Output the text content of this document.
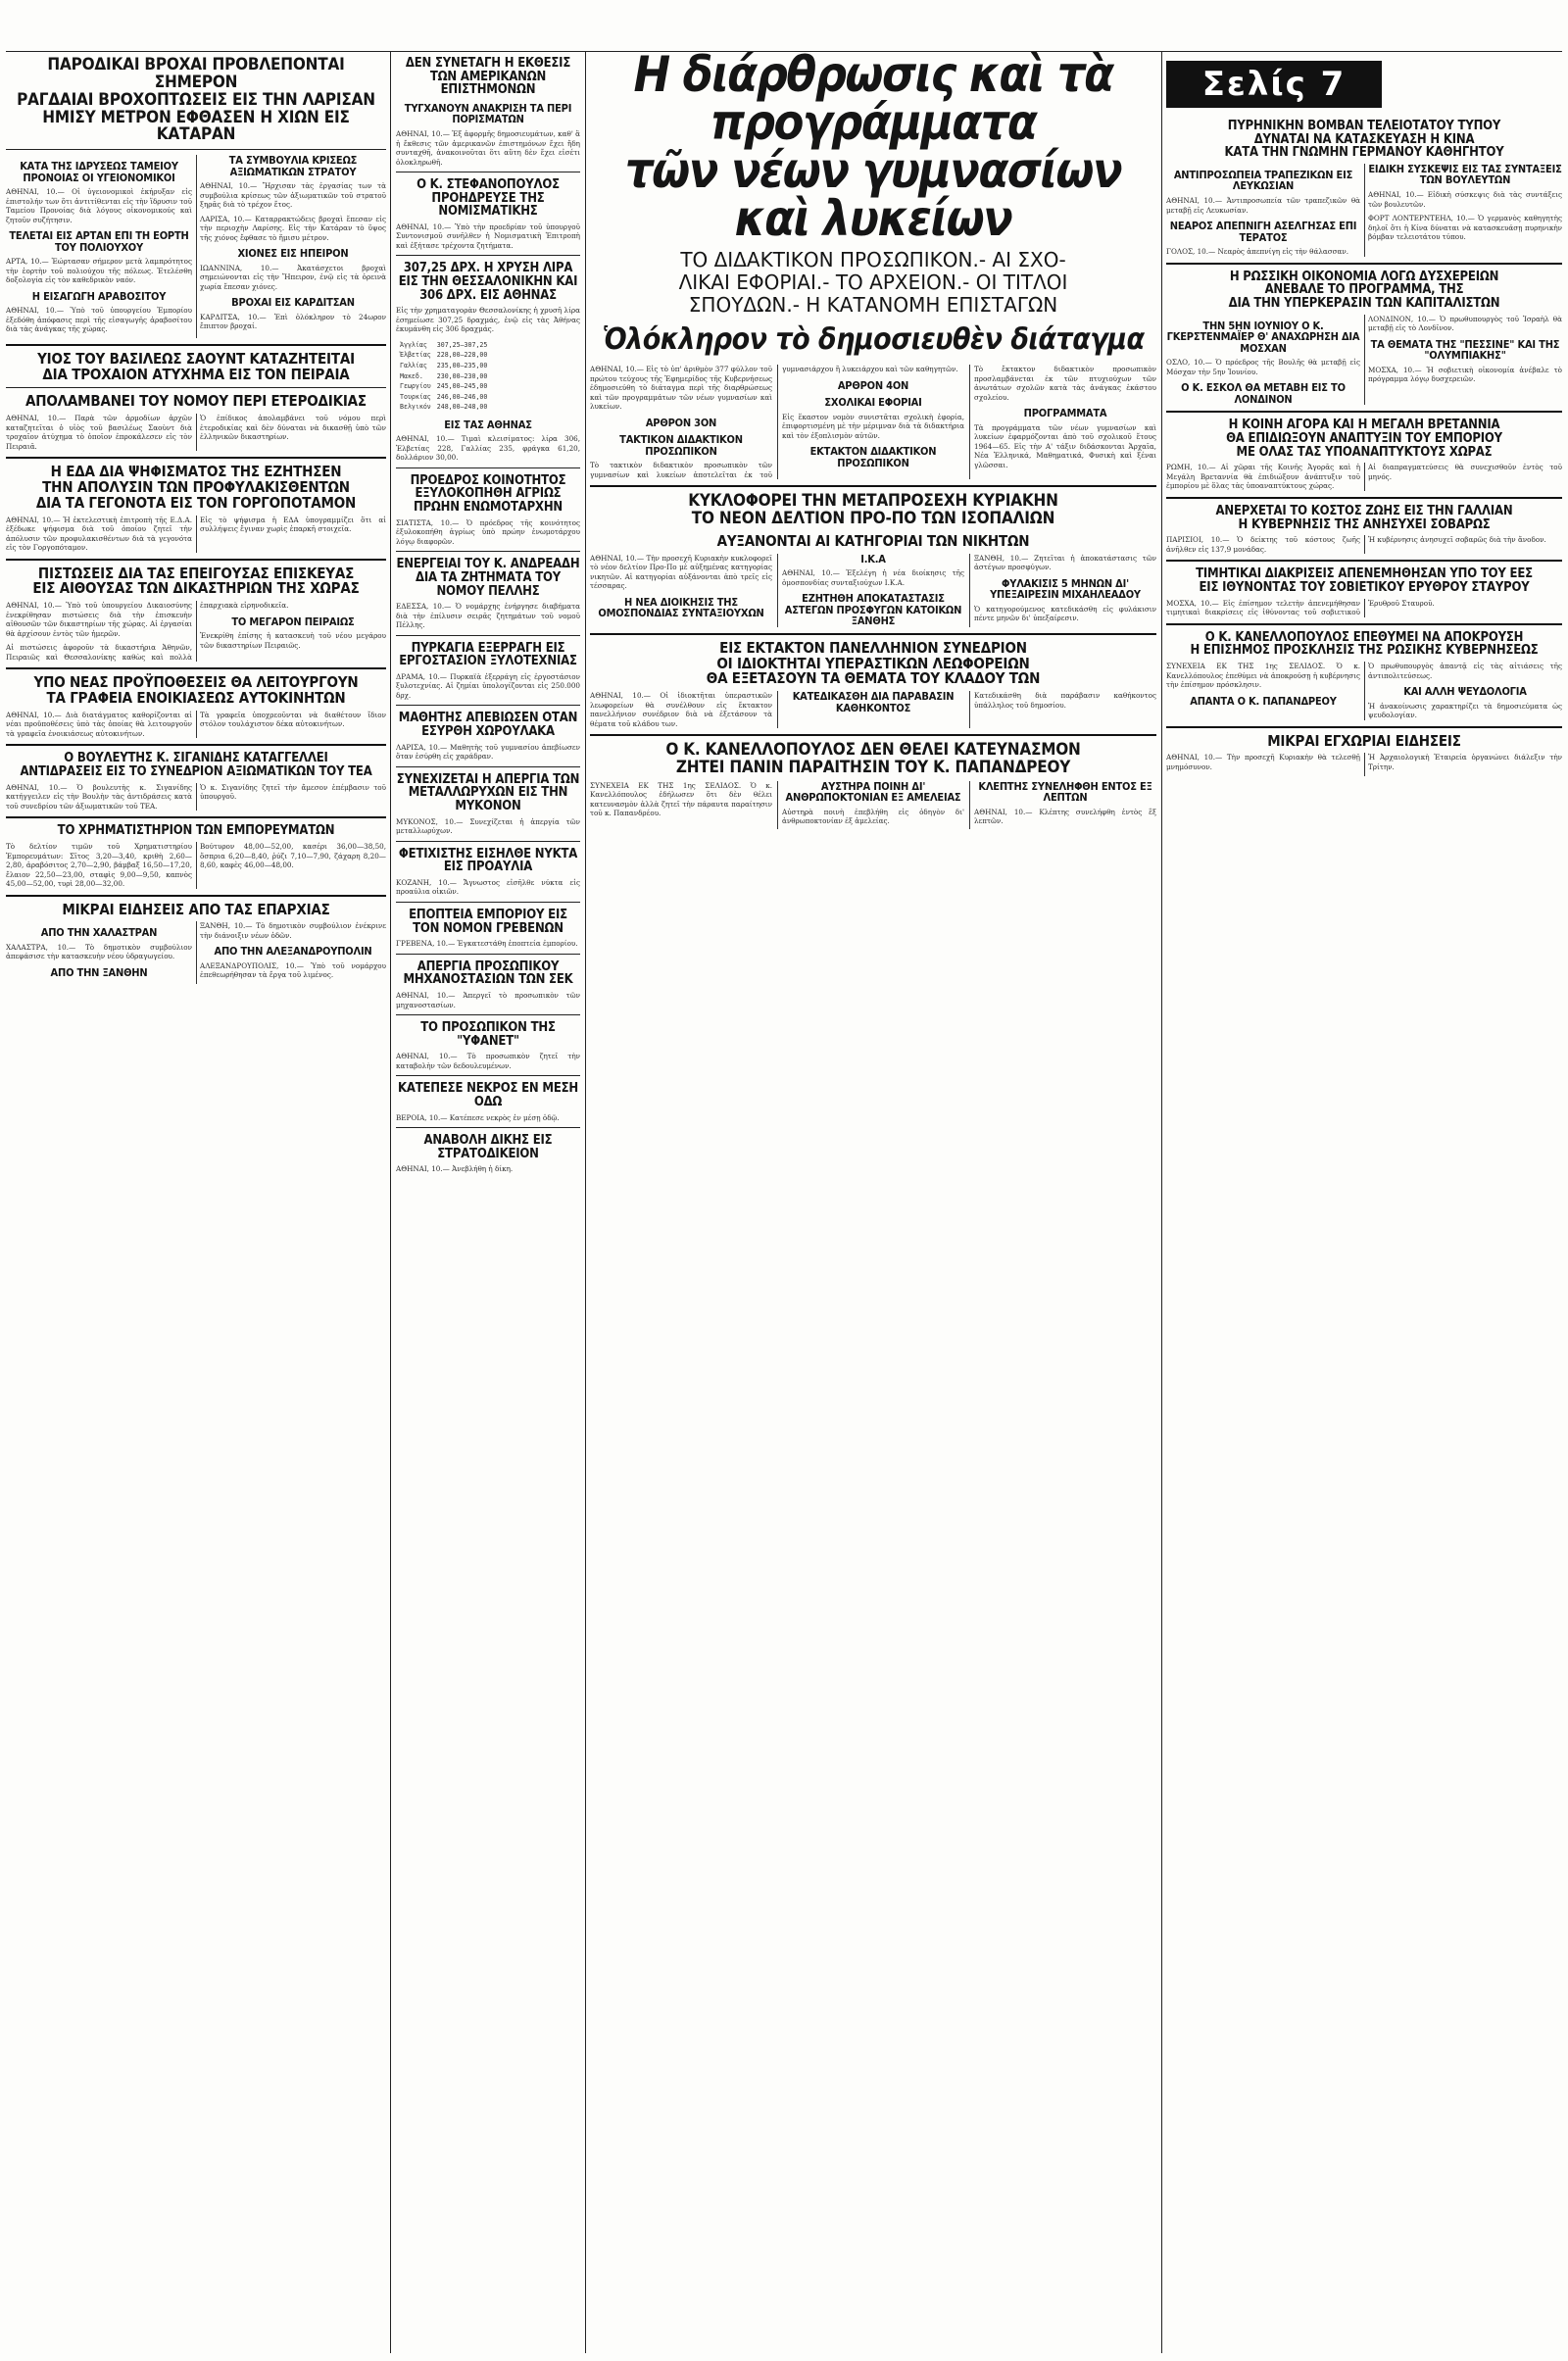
ΠΑΡΟΔΙΚΑΙ ΒΡΟΧΑΙ ΠΡΟΒΛΕΠΟΝΤΑΙ ΣΗΜΕΡΟΝ
ΡΑΓΔΑΙΑΙ ΒΡΟΧΟΠΤΩΣΕΙΣ ΕΙΣ ΤΗΝ ΛΑΡΙΣΑΝ
ΗΜΙΣΥ ΜΕΤΡΟΝ ΕΦΘΑΣΕΝ Η ΧΙΩΝ ΕΙΣ ΚΑΤΑΡΑΝ
ΚΑΤΑ ΤΗΣ ΙΔΡΥΣΕΩΣ ΤΑΜΕΙΟΥ ΠΡΟΝΟΙΑΣ ΟΙ ΥΓΕΙΟΝΟΜΙΚΟΙ

ΑΘΗΝΑΙ, 10.— Οἱ ὑγειονομικοὶ ἐκήρυξαν εἰς ἐπιστολήν των ὅτι ἀντιτίθενται εἰς τὴν ἵδρυσιν τοῦ Ταμείου Προνοίας διὰ λόγους οἰκονομικούς καὶ ζητοῦν συζήτησιν.

ΤΕΛΕΤΑΙ ΕΙΣ ΑΡΤΑΝ ΕΠΙ ΤΗ ΕΟΡΤΗ ΤΟΥ ΠΟΛΙΟΥΧΟΥ

ΑΡΤΑ, 10.— Ἐώρτασαν σήμερον μετὰ λαμπρότητος τὴν ἑορτὴν τοῦ πολιούχου τῆς πόλεως. Ἐτελέσθη δοξολογία εἰς τὸν καθεδρικὸν ναόν.

Η ΕΙΣΑΓΩΓΗ ΑΡΑΒΟΣΙΤΟΥ

ΑΘΗΝΑΙ, 10.— Ὑπὸ τοῦ ὑπουργείου Ἐμπορίου ἐξεδόθη ἀπόφασις περὶ τῆς εἰσαγωγῆς ἀραβοσίτου διὰ τὰς ἀνάγκας τῆς χώρας.

ΤΑ ΣΥΜΒΟΥΛΙΑ ΚΡΙΣΕΩΣ ΑΞΙΩΜΑΤΙΚΩΝ ΣΤΡΑΤΟΥ

ΑΘΗΝΑΙ, 10.— Ἤρχισαν τὰς ἐργασίας των τὰ συμβούλια κρίσεως τῶν ἀξιωματικῶν τοῦ στρατοῦ ξηρᾶς διὰ τὸ τρέχον ἔτος.

ΛΑΡΙΣΑ, 10.— Καταρρακτώδεις βροχαὶ ἔπεσαν εἰς τὴν περιοχὴν Λαρίσης. Εἰς τὴν Κατάραν τὸ ὕψος τῆς χιόνος ἔφθασε τὸ ἥμισυ μέτρον.

ΧΙΟΝΕΣ ΕΙΣ ΗΠΕΙΡΟΝ

ΙΩΑΝΝΙΝΑ, 10.— Ἀκατάσχετοι βροχαὶ σημειώνονται εἰς τὴν Ἤπειρον, ἐνῷ εἰς τὰ ὀρεινὰ χωρία ἔπεσαν χιόνες.

ΒΡΟΧΑΙ ΕΙΣ ΚΑΡΔΙΤΣΑΝ

ΚΑΡΔΙΤΣΑ, 10.— Ἐπὶ ὁλόκληρον τὸ 24ωρον ἔπιπτον βροχαί.

ΥΙΟΣ ΤΟΥ ΒΑΣΙΛΕΩΣ ΣΑΟΥΝΤ ΚΑΤΑΖΗΤΕΙΤΑΙ
ΔΙΑ ΤΡΟΧΑΙΟΝ ΑΤΥΧΗΜΑ ΕΙΣ ΤΟΝ ΠΕΙΡΑΙΑ
ΑΠΟΛΑΜΒΑΝΕΙ ΤΟΥ ΝΟΜΟΥ ΠΕΡΙ ΕΤΕΡΟΔΙΚΙΑΣ

ΑΘΗΝΑΙ, 10.— Παρὰ τῶν ἀρμοδίων ἀρχῶν καταζητεῖται ὁ υἱὸς τοῦ βασιλέως Σαοὺντ διὰ τροχαῖον ἀτύχημα τὸ ὁποῖον ἐπροκάλεσεν εἰς τὸν Πειραιᾶ.

Ὁ ἐπίδικος ἀπολαμβάνει τοῦ νόμου περὶ ἑτεροδικίας καὶ δὲν δύναται νὰ δικασθῇ ὑπὸ τῶν ἑλληνικῶν δικαστηρίων.

Η ΕΔΑ ΔΙΑ ΨΗΦΙΣΜΑΤΟΣ ΤΗΣ ΕΖΗΤΗΣΕΝ
ΤΗΝ ΑΠΟΛΥΣΙΝ ΤΩΝ ΠΡΟΦΥΛΑΚΙΣΘΕΝΤΩΝ
ΔΙΑ ΤΑ ΓΕΓΟΝΟΤΑ ΕΙΣ ΤΟΝ ΓΟΡΓΟΠΟΤΑΜΟΝ

ΑΘΗΝΑΙ, 10.— Ἡ ἐκτελεστικὴ ἐπιτροπὴ τῆς Ε.Δ.Α. ἐξέδωκε ψήφισμα διὰ τοῦ ὁποίου ζητεῖ τὴν ἀπόλυσιν τῶν προφυλακισθέντων διὰ τὰ γεγονότα εἰς τὸν Γοργοπόταμον.

Εἰς τὸ ψήφισμα ἡ ΕΔΑ ὑπογραμμίζει ὅτι αἱ συλλήψεις ἔγιναν χωρὶς ἐπαρκῆ στοιχεῖα.

ΠΙΣΤΩΣΕΙΣ ΔΙΑ ΤΑΣ ΕΠΕΙΓΟΥΣΑΣ ΕΠΙΣΚΕΥΑΣ
ΕΙΣ ΑΙΘΟΥΣΑΣ ΤΩΝ ΔΙΚΑΣΤΗΡΙΩΝ ΤΗΣ ΧΩΡΑΣ

ΑΘΗΝΑΙ, 10.— Ὑπὸ τοῦ ὑπουργείου Δικαιοσύνης ἐνεκρίθησαν πιστώσεις διὰ τὴν ἐπισκευὴν αἰθουσῶν τῶν δικαστηρίων τῆς χώρας. Αἱ ἐργασίαι θὰ ἀρχίσουν ἐντὸς τῶν ἡμερῶν.

Αἱ πιστώσεις ἀφοροῦν τὰ δικαστήρια Ἀθηνῶν, Πειραιῶς καὶ Θεσσαλονίκης καθὼς καὶ πολλὰ ἐπαρχιακὰ εἰρηνοδικεῖα.

ΤΟ ΜΕΓΑΡΟΝ ΠΕΙΡΑΙΩΣ

Ἐνεκρίθη ἐπίσης ἡ κατασκευὴ τοῦ νέου μεγάρου τῶν δικαστηρίων Πειραιῶς.

ΥΠΟ ΝΕΑΣ ΠΡΟΫΠΟΘΕΣΕΙΣ ΘΑ ΛΕΙΤΟΥΡΓΟΥΝ
ΤΑ ΓΡΑΦΕΙΑ ΕΝΟΙΚΙΑΣΕΩΣ ΑΥΤΟΚΙΝΗΤΩΝ

ΑΘΗΝΑΙ, 10.— Διὰ διατάγματος καθορίζονται αἱ νέαι προϋποθέσεις ὑπὸ τὰς ὁποίας θὰ λειτουργοῦν τὰ γραφεῖα ἐνοικιάσεως αὐτοκινήτων.

Τὰ γραφεῖα ὑποχρεοῦνται νὰ διαθέτουν ἴδιον στόλον τουλάχιστον δέκα αὐτοκινήτων.

Ο ΒΟΥΛΕΥΤΗΣ Κ. ΣΙΓΑΝΙΔΗΣ ΚΑΤΑΓΓΕΛΛΕΙ
ΑΝΤΙΔΡΑΣΕΙΣ ΕΙΣ ΤΟ ΣΥΝΕΔΡΙΟΝ ΑΞΙΩΜΑΤΙΚΩΝ ΤΟΥ ΤΕΑ

ΑΘΗΝΑΙ, 10.— Ὁ βουλευτὴς κ. Σιγανίδης κατήγγειλεν εἰς τὴν Βουλὴν τὰς ἀντιδράσεις κατὰ τοῦ συνεδρίου τῶν ἀξιωματικῶν τοῦ ΤΕΑ.

Ὁ κ. Σιγανίδης ζητεῖ τὴν ἄμεσον ἐπέμβασιν τοῦ ὑπουργοῦ.

ΤΟ ΧΡΗΜΑΤΙΣΤΗΡΙΟΝ ΤΩΝ ΕΜΠΟΡΕΥΜΑΤΩΝ

Τὸ δελτίον τιμῶν τοῦ Χρηματιστηρίου Ἐμπορευμάτων: Σῖτος 3,20—3,40, κριθὴ 2,60—2,80, ἀραβόσιτος 2,70—2,90, βάμβαξ 16,50—17,20, ἔλαιον 22,50—23,00, σταφὶς 9,00—9,50, καπνὸς 45,00—52,00, τυρὶ 28,00—32,00.

Βούτυρον 48,00—52,00, κασέρι 36,00—38,50, ὄσπρια 6,20—8,40, ῥύζι 7,10—7,90, ζάχαρη 8,20—8,60, καφὲς 46,00—48,00.

ΜΙΚΡΑΙ ΕΙΔΗΣΕΙΣ ΑΠΟ ΤΑΣ ΕΠΑΡΧΙΑΣ
ΑΠΟ ΤΗΝ ΧΑΛΑΣΤΡΑΝ

ΧΑΛΑΣΤΡΑ, 10.— Τὸ δημοτικὸν συμβούλιον ἀπεφάσισε τὴν κατασκευὴν νέου ὑδραγωγείου.

ΑΠΟ ΤΗΝ ΞΑΝΘΗΝ

ΞΑΝΘΗ, 10.— Τὸ δημοτικὸν συμβούλιον ἐνέκρινε τὴν διάνοιξιν νέων ὁδῶν.

ΑΠΟ ΤΗΝ ΑΛΕΞΑΝΔΡΟΥΠΟΛΙΝ

ΑΛΕΞΑΝΔΡΟΥΠΟΛΙΣ, 10.— Ὑπὸ τοῦ νομάρχου ἐπεθεωρήθησαν τὰ ἔργα τοῦ λιμένος.

ΔΕΝ ΣΥΝΕΤΑΓΗ Η ΕΚΘΕΣΙΣ ΤΩΝ ΑΜΕΡΙΚΑΝΩΝ ΕΠΙΣΤΗΜΟΝΩΝ
ΤΥΓΧΑΝΟΥΝ ΑΝΑΚΡΙΣΗ ΤΑ ΠΕΡΙ ΠΟΡΙΣΜΑΤΩΝ

ΑΘΗΝΑΙ, 10.— Ἐξ ἀφορμῆς δημοσιευμάτων, καθ' ἃ ἡ ἔκθεσις τῶν ἀμερικανῶν ἐπιστημόνων ἔχει ἤδη συνταχθῆ, ἀνακοινοῦται ὅτι αὕτη δὲν ἔχει εἰσέτι ὁλοκληρωθῆ.

Ο Κ. ΣΤΕΦΑΝΟΠΟΥΛΟΣ ΠΡΟΗΔΡΕΥΣΕ ΤΗΣ ΝΟΜΙΣΜΑΤΙΚΗΣ

ΑΘΗΝΑΙ, 10.— Ὑπὸ τὴν προεδρίαν τοῦ ὑπουργοῦ Συντονισμοῦ συνῆλθεν ἡ Νομισματικὴ Ἐπιτροπὴ καὶ ἐξήτασε τρέχοντα ζητήματα.

307,25 ΔΡΧ. Η ΧΡΥΣΗ ΛΙΡΑ ΕΙΣ ΤΗΝ ΘΕΣΣΑΛΟΝΙΚΗΝ ΚΑΙ 306 ΔΡΧ. ΕΙΣ ΑΘΗΝΑΣ

Εἰς τὴν χρηματαγορὰν Θεσσαλονίκης ἡ χρυσῆ λίρα ἐσημείωσε 307,25 δραχμάς, ἐνῷ εἰς τὰς Ἀθήνας ἐκυμάνθη εἰς 306 δραχμάς.

Ἀγγλίας	307,25—307,25
Ἑλβετίας	228,00—228,00
Γαλλίας	235,00—235,00
Μακεδ.	230,00—230,00
Γεωργίου	245,00—245,00
Τουρκίας	246,00—246,00
Βελγικόν	248,00—248,00
ΕΙΣ ΤΑΣ ΑΘΗΝΑΣ

ΑΘΗΝΑΙ, 10.— Τιμαὶ κλεισίματος: λίρα 306, Ἐλβετίας 228, Γαλλίας 235, φράγκα 61,20, δολλάριον 30,00.

ΠΡΟΕΔΡΟΣ ΚΟΙΝΟΤΗΤΟΣ ΕΞΥΛΟΚΟΠΗΘΗ ΑΓΡΙΩΣ ΠΡΩΗΝ ΕΝΩΜΟΤΑΡΧΗΝ

ΣΙΑΤΙΣΤΑ, 10.— Ὁ πρόεδρος τῆς κοινότητος ἐξυλοκοπήθη ἀγρίως ὑπὸ πρώην ἐνωμοτάρχου λόγῳ διαφορῶν.

ΕΝΕΡΓΕΙΑΙ ΤΟΥ Κ. ΑΝΔΡΕΑΔΗ ΔΙΑ ΤΑ ΖΗΤΗΜΑΤΑ ΤΟΥ ΝΟΜΟΥ ΠΕΛΛΗΣ

ΕΔΕΣΣΑ, 10.— Ὁ νομάρχης ἐνήργησε διαβήματα διὰ τὴν ἐπίλυσιν σειρᾶς ζητημάτων τοῦ νομοῦ Πέλλης.

ΠΥΡΚΑΓΙΑ ΕΞΕΡΡΑΓΗ ΕΙΣ ΕΡΓΟΣΤΑΣΙΟΝ ΞΥΛΟΤΕΧΝΙΑΣ

ΔΡΑΜΑ, 10.— Πυρκαϊὰ ἐξερράγη εἰς ἐργοστάσιον ξυλοτεχνίας. Αἱ ζημίαι ὑπολογίζονται εἰς 250.000 δρχ.

ΜΑΘΗΤΗΣ ΑΠΕΒΙΩΣΕΝ ΟΤΑΝ ΕΣΥΡΘΗ ΧΩΡΟΥΛΑΚΑ

ΛΑΡΙΣΑ, 10.— Μαθητὴς τοῦ γυμνασίου ἀπεβίωσεν ὅταν ἐσύρθη εἰς χαράδραν.

ΣΥΝΕΧΙΖΕΤΑΙ Η ΑΠΕΡΓΙΑ ΤΩΝ ΜΕΤΑΛΛΩΡΥΧΩΝ ΕΙΣ ΤΗΝ ΜΥΚΟΝΟΝ

ΜΥΚΟΝΟΣ, 10.— Συνεχίζεται ἡ ἀπεργία τῶν μεταλλωρύχων.

ΦΕΤΙΧΙΣΤΗΣ ΕΙΣΗΛΘΕ ΝΥΚΤΑ ΕΙΣ ΠΡΟΑΥΛΙΑ

ΚΟΖΑΝΗ, 10.— Ἄγνωστος εἰσῆλθε νύκτα εἰς προαύλια οἰκιῶν.

ΕΠΟΠΤΕΙΑ ΕΜΠΟΡΙΟΥ ΕΙΣ ΤΟΝ ΝΟΜΟΝ ΓΡΕΒΕΝΩΝ

ΓΡΕΒΕΝΑ, 10.— Ἐγκατεστάθη ἐποπτεία ἐμπορίου.

ΑΠΕΡΓΙΑ ΠΡΟΣΩΠΙΚΟΥ ΜΗΧΑΝΟΣΤΑΣΙΩΝ ΤΩΝ ΣΕΚ

ΑΘΗΝΑΙ, 10.— Ἀπεργεῖ τὸ προσωπικὸν τῶν μηχανοστασίων.

ΤΟ ΠΡΟΣΩΠΙΚΟΝ ΤΗΣ "ΥΦΑΝΕΤ"

ΑΘΗΝΑΙ, 10.— Τὸ προσωπικὸν ζητεῖ τὴν καταβολὴν τῶν δεδουλευμένων.

ΚΑΤΕΠΕΣΕ ΝΕΚΡΟΣ ΕΝ ΜΕΣΗ ΟΔΩ

ΒΕΡΟΙΑ, 10.— Κατέπεσε νεκρὸς ἐν μέσῃ ὁδῷ.

ΑΝΑΒΟΛΗ ΔΙΚΗΣ ΕΙΣ ΣΤΡΑΤΟΔΙΚΕΙΟΝ

ΑΘΗΝΑΙ, 10.— Ἀνεβλήθη ἡ δίκη.

Η διάρθρωσις καὶ τὰ προγράμματα
τῶν νέων γυμνασίων καὶ λυκείων
ΤΟ ΔΙΔΑΚΤΙΚΟΝ ΠΡΟΣΩΠΙΚΟΝ.- ΑΙ ΣΧΟ-
ΛΙΚΑΙ ΕΦΟΡΙΑΙ.- ΤΟ ΑΡΧΕΙΟΝ.- ΟΙ ΤΙΤΛΟΙ
ΣΠΟΥΔΩΝ.- Η ΚΑΤΑΝΟΜΗ ΕΠΙΣΤΑΓΩΝ
Ὁλόκληρον τὸ δημοσιευθὲν διάταγμα

ΑΘΗΝΑΙ, 10.— Εἰς τὸ ὑπ' ἀριθμὸν 377 φύλλον τοῦ πρώτου τεύχους τῆς Ἐφημερίδος τῆς Κυβερνήσεως ἐδημοσιεύθη τὸ διάταγμα περὶ τῆς διαρθρώσεως καὶ τῶν προγραμμάτων τῶν νέων γυμνασίων καὶ λυκείων.

ΑΡΘΡΟΝ 3ΟΝ
ΤΑΚΤΙΚΟΝ ΔΙΔΑΚΤΙΚΟΝ ΠΡΟΣΩΠΙΚΟΝ

Τὸ τακτικὸν διδακτικὸν προσωπικὸν τῶν γυμνασίων καὶ λυκείων ἀποτελεῖται ἐκ τοῦ γυμνασιάρχου ἢ λυκειάρχου καὶ τῶν καθηγητῶν.

ΑΡΘΡΟΝ 4ΟΝ
ΣΧΟΛΙΚΑΙ ΕΦΟΡΙΑΙ

Εἰς ἕκαστον νομὸν συνιστᾶται σχολικὴ ἐφορία, ἐπιφορτισμένη μὲ τὴν μέριμναν διὰ τὰ διδακτήρια καὶ τὸν ἐξοπλισμὸν αὐτῶν.

ΕΚΤΑΚΤΟΝ ΔΙΔΑΚΤΙΚΟΝ ΠΡΟΣΩΠΙΚΟΝ

Τὸ ἔκτακτον διδακτικὸν προσωπικὸν προσλαμβάνεται ἐκ τῶν πτυχιούχων τῶν ἀνωτάτων σχολῶν κατὰ τὰς ἀνάγκας ἑκάστου σχολείου.

ΠΡΟΓΡΑΜΜΑΤΑ

Τὰ προγράμματα τῶν νέων γυμνασίων καὶ λυκείων ἐφαρμόζονται ἀπὸ τοῦ σχολικοῦ ἔτους 1964—65. Εἰς τὴν Α' τάξιν διδάσκονται Ἀρχαῖα, Νέα Ἑλληνικά, Μαθηματικά, Φυσικὴ καὶ ξέναι γλῶσσαι.

ΚΥΚΛΟΦΟΡΕΙ ΤΗΝ ΜΕΤΑΠΡΟΣΕΧΗ ΚΥΡΙΑΚΗΝ
ΤΟ ΝΕΟΝ ΔΕΛΤΙΟΝ ΠΡΟ-ΠΟ ΤΩΝ ΙΣΟΠΑΛΙΩΝ
ΑΥΞΑΝΟΝΤΑΙ ΑΙ ΚΑΤΗΓΟΡΙΑΙ ΤΩΝ ΝΙΚΗΤΩΝ

ΑΘΗΝΑΙ, 10.— Τὴν προσεχῆ Κυριακὴν κυκλοφορεῖ τὸ νέον δελτίον Προ-Πο μὲ αὐξημένας κατηγορίας νικητῶν. Αἱ κατηγορίαι αὐξάνονται ἀπὸ τρεῖς εἰς τέσσαρας.

Η ΝΕΑ ΔΙΟΙΚΗΣΙΣ ΤΗΣ ΟΜΟΣΠΟΝΔΙΑΣ ΣΥΝΤΑΞΙΟΥΧΩΝ Ι.Κ.Α

ΑΘΗΝΑΙ, 10.— Ἐξελέγη ἡ νέα διοίκησις τῆς ὁμοσπονδίας συνταξιούχων Ι.Κ.Α.

ΕΖΗΤΗΘΗ ΑΠΟΚΑΤΑΣΤΑΣΙΣ ΑΣΤΕΓΩΝ ΠΡΟΣΦΥΓΩΝ ΚΑΤΟΙΚΩΝ ΞΑΝΘΗΣ

ΞΑΝΘΗ, 10.— Ζητεῖται ἡ ἀποκατάστασις τῶν ἀστέγων προσφύγων.

ΦΥΛΑΚΙΣΙΣ 5 ΜΗΝΩΝ ΔΙ' ΥΠΕΞΑΙΡΕΣΙΝ ΜΙΧΑΗΛΕΑΔΟΥ

Ὁ κατηγορούμενος κατεδικάσθη εἰς φυλάκισιν πέντε μηνῶν δι' ὑπεξαίρεσιν.

ΕΙΣ ΕΚΤΑΚΤΟΝ ΠΑΝΕΛΛΗΝΙΟΝ ΣΥΝΕΔΡΙΟΝ
ΟΙ ΙΔΙΟΚΤΗΤΑΙ ΥΠΕΡΑΣΤΙΚΩΝ ΛΕΩΦΟΡΕΙΩΝ
ΘΑ ΕΞΕΤΑΣΟΥΝ ΤΑ ΘΕΜΑΤΑ ΤΟΥ ΚΛΑΔΟΥ ΤΩΝ

ΑΘΗΝΑΙ, 10.— Οἱ ἰδιοκτῆται ὑπεραστικῶν λεωφορείων θὰ συνέλθουν εἰς ἔκτακτον πανελλήνιον συνέδριον διὰ νὰ ἐξετάσουν τὰ θέματα τοῦ κλάδου των.

ΚΑΤΕΔΙΚΑΣΘΗ ΔΙΑ ΠΑΡΑΒΑΣΙΝ ΚΑΘΗΚΟΝΤΟΣ

Κατεδικάσθη διὰ παράβασιν καθήκοντος ὑπάλληλος τοῦ δημοσίου.

Ο Κ. ΚΑΝΕΛΛΟΠΟΥΛΟΣ ΔΕΝ ΘΕΛΕΙ ΚΑΤΕΥΝΑΣΜΟΝ
ΖΗΤΕΙ ΠΑΝΙΝ ΠΑΡΑΙΤΗΣΙΝ ΤΟΥ Κ. ΠΑΠΑΝΔΡΕΟΥ

ΣΥΝΕΧΕΙΑ ΕΚ ΤΗΣ 1ης ΣΕΛΙΔΟΣ. Ὁ κ. Κανελλόπουλος ἐδήλωσεν ὅτι δὲν θέλει κατευνασμὸν ἀλλὰ ζητεῖ τὴν πάραυτα παραίτησιν τοῦ κ. Παπανδρέου.

ΑΥΣΤΗΡΑ ΠΟΙΝΗ ΔΙ' ΑΝΘΡΩΠΟΚΤΟΝΙΑΝ ΕΞ ΑΜΕΛΕΙΑΣ

Αὐστηρὰ ποινὴ ἐπεβλήθη εἰς ὁδηγὸν δι' ἀνθρωποκτονίαν ἐξ ἀμελείας.

ΚΛΕΠΤΗΣ ΣΥΝΕΛΗΦΘΗ ΕΝΤΟΣ ΕΞ ΛΕΠΤΩΝ

ΑΘΗΝΑΙ, 10.— Κλέπτης συνελήφθη ἐντὸς ἓξ λεπτῶν.

Σελίς 7
ΠΥΡΗΝΙΚΗΝ ΒΟΜΒΑΝ ΤΕΛΕΙΟΤΑΤΟΥ ΤΥΠΟΥ
ΔΥΝΑΤΑΙ ΝΑ ΚΑΤΑΣΚΕΥΑΣΗ Η ΚΙΝΑ
ΚΑΤΑ ΤΗΝ ΓΝΩΜΗΝ ΓΕΡΜΑΝΟΥ ΚΑΘΗΓΗΤΟΥ
ΑΝΤΙΠΡΟΣΩΠΕΙΑ ΤΡΑΠΕΖΙΚΩΝ ΕΙΣ ΛΕΥΚΩΣΙΑΝ

ΑΘΗΝΑΙ, 10.— Ἀντιπροσωπεία τῶν τραπεζικῶν θὰ μεταβῇ εἰς Λευκωσίαν.

ΝΕΑΡΟΣ ΑΠΕΠΝΙΓΗ ΑΣΕΛΓΗΣΑΣ ΕΠΙ ΤΕΡΑΤΟΣ

ΓΟΛΟΣ, 10.— Νεαρὸς ἀπεπνίγη εἰς τὴν θάλασσαν.

ΕΙΔΙΚΗ ΣΥΣΚΕΨΙΣ ΕΙΣ ΤΑΣ ΣΥΝΤΑΞΕΙΣ ΤΩΝ ΒΟΥΛΕΥΤΩΝ

ΑΘΗΝΑΙ, 10.— Εἰδικὴ σύσκεψις διὰ τὰς συντάξεις τῶν βουλευτῶν.

ΦΟΡΤ ΛΟΝΤΕΡΝΤΕΗΛ, 10.— Ὁ γερμανὸς καθηγητὴς δηλοῖ ὅτι ἡ Κίνα δύναται νὰ κατασκευάσῃ πυρηνικὴν βόμβαν τελειοτάτου τύπου.

Η ΡΩΣΣΙΚΗ ΟΙΚΟΝΟΜΙΑ ΛΟΓΩ ΔΥΣΧΕΡΕΙΩΝ
ΑΝΕΒΑΛΕ ΤΟ ΠΡΟΓΡΑΜΜΑ, ΤΗΣ
ΔΙΑ ΤΗΝ ΥΠΕΡΚΕΡΑΣΙΝ ΤΩΝ ΚΑΠΙΤΑΛΙΣΤΩΝ
ΤΗΝ 5ΗΝ ΙΟΥΝΙΟΥ Ο Κ. ΓΚΕΡΣΤΕΝΜΑΪΕΡ Θ' ΑΝΑΧΩΡΗΣΗ ΔΙΑ ΜΟΣΧΑΝ

ΟΣΛΟ, 10.— Ὁ πρόεδρος τῆς Βουλῆς θὰ μεταβῇ εἰς Μόσχαν τὴν 5ην Ἰουνίου.

Ο Κ. ΕΣΚΟΛ ΘΑ ΜΕΤΑΒΗ ΕΙΣ ΤΟ ΛΟΝΔΙΝΟΝ

ΛΟΝΔΙΝΟΝ, 10.— Ὁ πρωθυπουργὸς τοῦ Ἰσραὴλ θὰ μεταβῇ εἰς τὸ Λονδῖνον.

ΤΑ ΘΕΜΑΤΑ ΤΗΣ "ΠΕΣΣΙΝΕ" ΚΑΙ ΤΗΣ "ΟΛΥΜΠΙΑΚΗΣ"

ΜΟΣΧΑ, 10.— Ἡ σοβιετικὴ οἰκονομία ἀνέβαλε τὸ πρόγραμμα λόγῳ δυσχερειῶν.

Η ΚΟΙΝΗ ΑΓΟΡΑ ΚΑΙ Η ΜΕΓΑΛΗ ΒΡΕΤΑΝΝΙΑ
ΘΑ ΕΠΙΔΙΩΞΟΥΝ ΑΝΑΠΤΥΞΙΝ ΤΟΥ ΕΜΠΟΡΙΟΥ
ΜΕ ΟΛΑΣ ΤΑΣ ΥΠΟΑΝΑΠΤΥΚΤΟΥΣ ΧΩΡΑΣ

ΡΩΜΗ, 10.— Αἱ χῶραι τῆς Κοινῆς Ἀγορᾶς καὶ ἡ Μεγάλη Βρεταννία θὰ ἐπιδιώξουν ἀνάπτυξιν τοῦ ἐμπορίου μὲ ὅλας τὰς ὑποαναπτύκτους χώρας.

Αἱ διαπραγματεύσεις θὰ συνεχισθοῦν ἐντὸς τοῦ μηνός.

ΑΝΕΡΧΕΤΑΙ ΤΟ ΚΟΣΤΟΣ ΖΩΗΣ ΕΙΣ ΤΗΝ ΓΑΛΛΙΑΝ
Η ΚΥΒΕΡΝΗΣΙΣ ΤΗΣ ΑΝΗΣΥΧΕΙ ΣΟΒΑΡΩΣ

ΠΑΡΙΣΙΟΙ, 10.— Ὁ δείκτης τοῦ κόστους ζωῆς ἀνῆλθεν εἰς 137,9 μονάδας.

Ἡ κυβέρνησις ἀνησυχεῖ σοβαρῶς διὰ τὴν ἄνοδον.

ΤΙΜΗΤΙΚΑΙ ΔΙΑΚΡΙΣΕΙΣ ΑΠΕΝΕΜΗΘΗΣΑΝ ΥΠΟ ΤΟΥ ΕΕΣ
ΕΙΣ ΙΘΥΝΟΝΤΑΣ ΤΟΥ ΣΟΒΙΕΤΙΚΟΥ ΕΡΥΘΡΟΥ ΣΤΑΥΡΟΥ

ΜΟΣΧΑ, 10.— Εἰς ἐπίσημον τελετὴν ἀπενεμήθησαν τιμητικαὶ διακρίσεις εἰς ἰθύνοντας τοῦ σοβιετικοῦ Ἐρυθροῦ Σταυροῦ.

Ο Κ. ΚΑΝΕΛΛΟΠΟΥΛΟΣ ΕΠΕΘΥΜΕΙ ΝΑ ΑΠΟΚΡΟΥΣΗ
Η ΕΠΙΣΗΜΟΣ ΠΡΟΣΚΛΗΣΙΣ ΤΗΣ ΡΩΣΙΚΗΣ ΚΥΒΕΡΝΗΣΕΩΣ

ΣΥΝΕΧΕΙΑ ΕΚ ΤΗΣ 1ης ΣΕΛΙΔΟΣ. Ὁ κ. Κανελλόπουλος ἐπεθύμει νὰ ἀποκρούσῃ ἡ κυβέρνησις τὴν ἐπίσημον πρόσκλησιν.

ΑΠΑΝΤΑ Ο Κ. ΠΑΠΑΝΔΡΕΟΥ

Ὁ πρωθυπουργὸς ἀπαντᾷ εἰς τὰς αἰτιάσεις τῆς ἀντιπολιτεύσεως.

ΚΑΙ ΑΛΛΗ ΨΕΥΔΟΛΟΓΙΑ

Ἡ ἀνακοίνωσις χαρακτηρίζει τὰ δημοσιεύματα ὡς ψευδολογίαν.

ΜΙΚΡΑΙ ΕΓΧΩΡΙΑΙ ΕΙΔΗΣΕΙΣ

ΑΘΗΝΑΙ, 10.— Τὴν προσεχῆ Κυριακὴν θὰ τελεσθῇ μνημόσυνον.

Ἡ Ἀρχαιολογικὴ Ἑταιρεία ὀργανώνει διάλεξιν τὴν Τρίτην.
